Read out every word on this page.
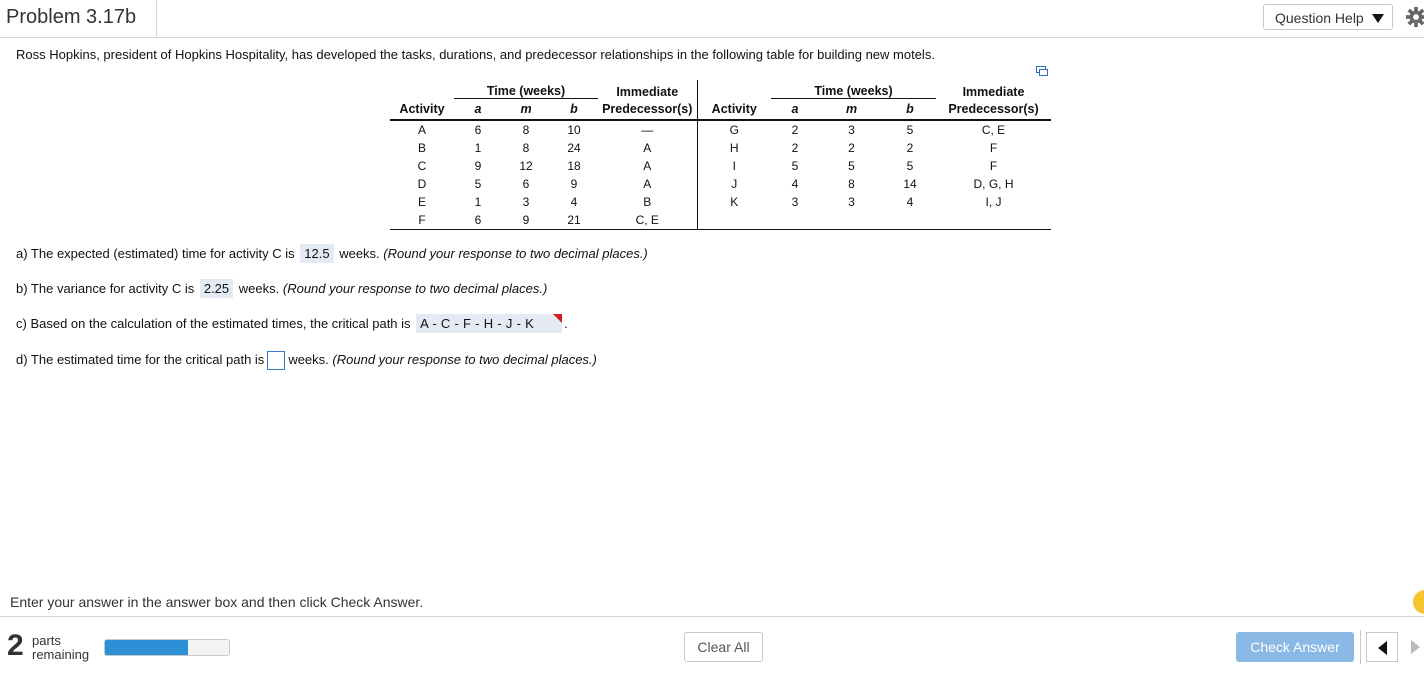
Problem 3.17b	Question Help
Ross Hopkins, president of Hopkins Hospitality, has developed the tasks, durations, and predecessor relationships in the following table for building new motels.
	Time (weeks)			Immediate		Time (weeks)			Immediate
Activity	a	m	b	Predecessor(s)	Activity	a	m	b	Predecessor(s)
A	6	8	10	—	G	2	3	5	C, E
B	1	8	24	A	H	2	2	2	F
C	9	12	18	A	I	5	5	5	F
D	5	6	9	A	J	4	8	14	D, G, H
E	1	3	4	B	K	3	3	4	I, J
F	6	9	21	C, E					
a) The expected (estimated) time for activity C is 12.5 weeks. (Round your response to two decimal places.)
b) The variance for activity C is 2.25 weeks. (Round your response to two decimal places.)
c) Based on the calculation of the estimated times, the critical path is A - C - F - H - J - K .
d) The estimated time for the critical path is weeks. (Round your response to two decimal places.)
Enter your answer in the answer box and then click Check Answer.
2 parts
remaining	Clear All	Check Answer
